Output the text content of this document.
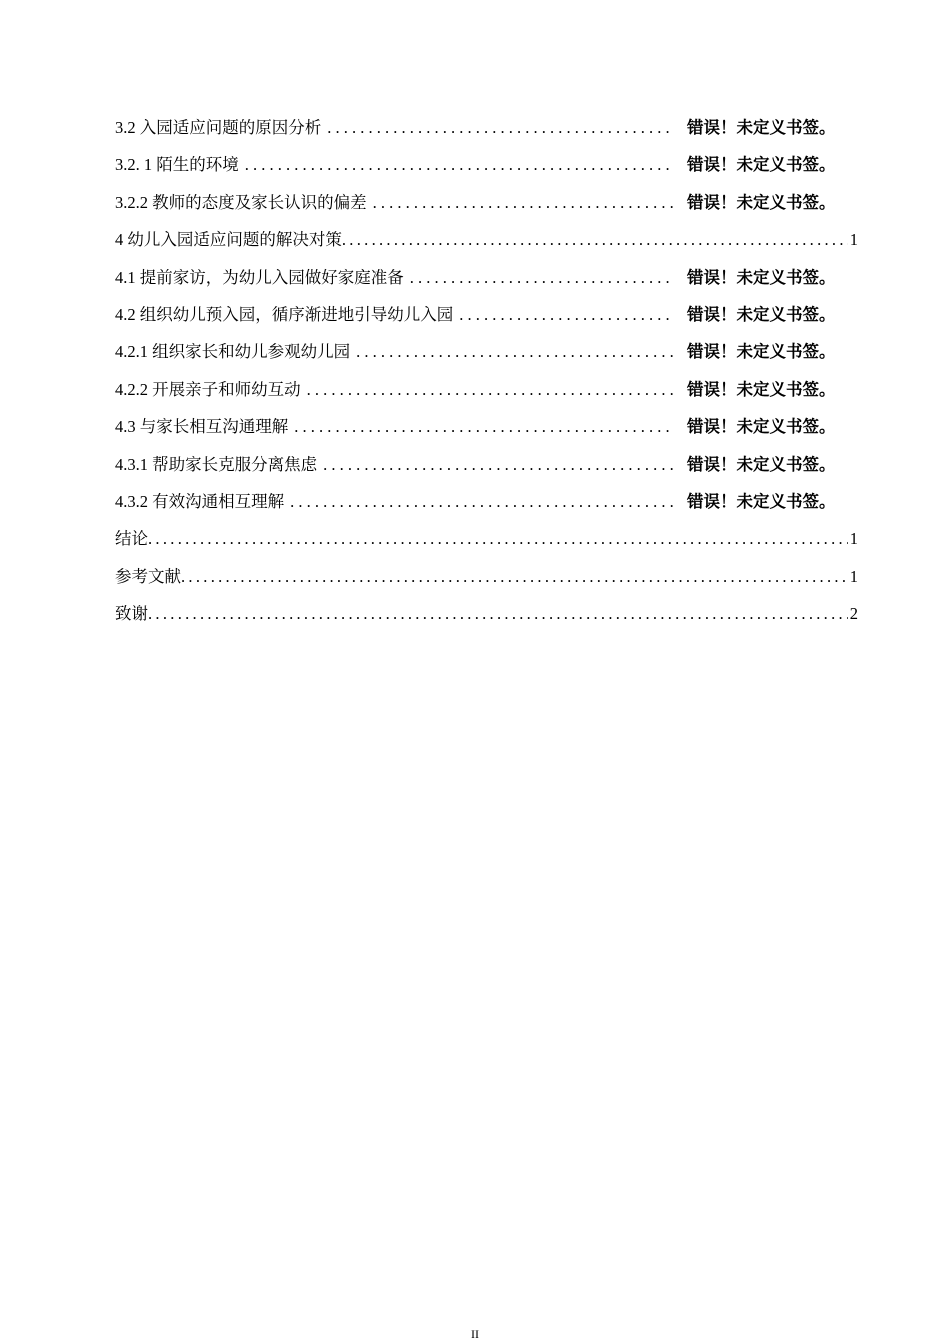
3.2 入园适应问题的原因分析 . . .	错误！未定义书签。
3.2. 1 陌生的环境 . . .	错误！未定义书签。
3.2.2 教师的态度及家长认识的偏差 . . .	错误！未定义书签。
4 幼儿入园适应问题的解决对策 .....	1
4.1 提前家访，为幼儿入园做好家庭准备 . . .	错误！未定义书签。
4.2 组织幼儿预入园，循序渐进地引导幼儿入园 . . .	错误！未定义书签。
4.2.1 组织家长和幼儿参观幼儿园 . . .	错误！未定义书签。
4.2.2 开展亲子和师幼互动 . . .	错误！未定义书签。
4.3 与家长相互沟通理解 . . .	错误！未定义书签。
4.3.1 帮助家长克服分离焦虑 . . .	错误！未定义书签。
4.3.2 有效沟通相互理解 . . .	错误！未定义书签。
结论 .....	1
参考文献 .....	1
致谢 .....	2
II
